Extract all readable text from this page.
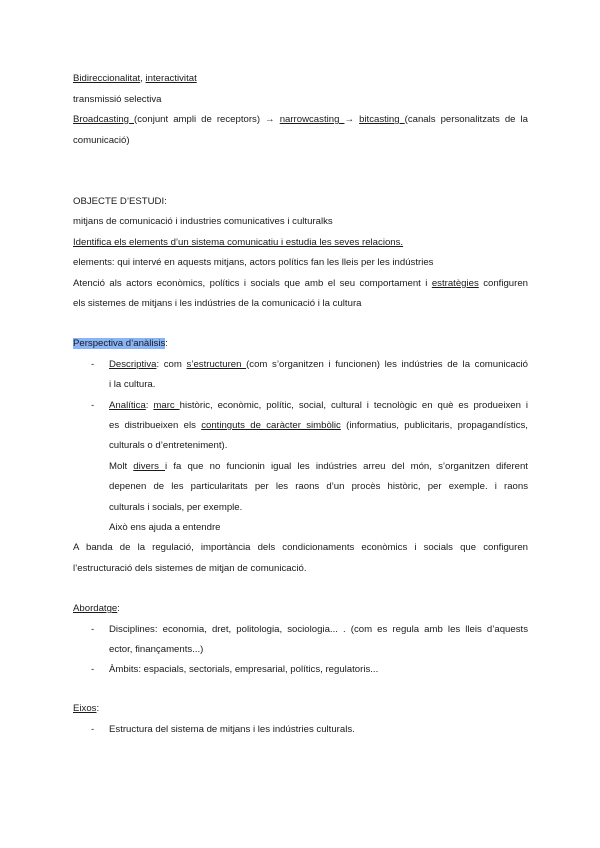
Bidireccionalitat, interactivitat
transmissió selectiva
Broadcasting (conjunt ampli de receptors) → narrowcasting → bitcasting (canals personalitzats de la
comunicació)
OBJECTE D’ESTUDI:
mitjans de comunicació i industries comunicatives i culturalks
Identifica els elements d’un sistema comunicatiu i estudia les seves relacions.
elements: qui intervé en aquests mitjans, actors polítics fan les lleis per les indústries
Atenció als actors econòmics, polítics i socials que amb el seu comportament i estratègies configuren
els sistemes de mitjans i les indústries de la comunicació i la cultura
Perspectiva d’anàlisis:
- Descriptiva: com s’estructuren (com s’organitzen i funcionen) les indústries de la comunicació
i la cultura.
- Analítica: marc històric, econòmic, polític, social, cultural i tecnològic en què es produeixen i
es distribueixen els continguts de caràcter simbòlic (informatius, publicitaris, propagandístics,
culturals o d’entreteniment).
Molt divers i fa que no funcionin igual les indústries arreu del món, s’organitzen diferent
depenen de les particularitats per les raons d’un procès històric, per exemple. i raons
culturals i socials, per exemple.
Això ens ajuda a entendre
A banda de la regulació, importància dels condicionaments econòmics i socials que configuren
l’estructuració dels sistemes de mitjan de comunicació.
Abordatge:
- Disciplines: economia, dret, politologia, sociologia... . (com es regula amb les lleis d’aquests
ector, finançaments...)
- Àmbits: espacials, sectorials, empresarial, polítics, regulatoris...
Eixos:
- Estructura del sistema de mitjans i les indústries culturals.
